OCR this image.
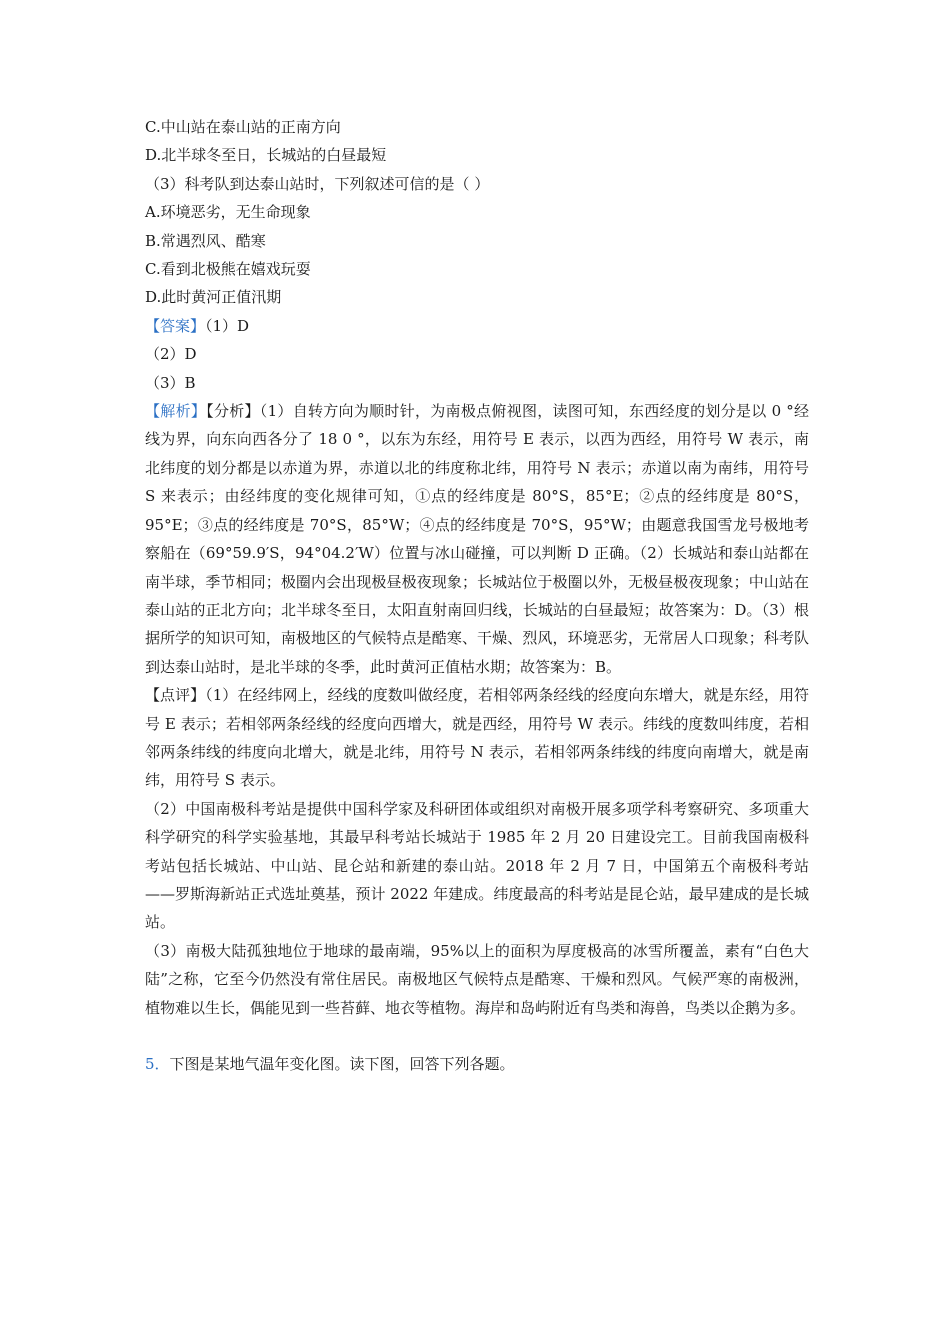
C.中山站在泰山站的正南方向
D.北半球冬至日，长城站的白昼最短
（3）科考队到达泰山站时，下列叙述可信的是（ ）
A.环境恶劣，无生命现象
B.常遇烈风、酷寒
C.看到北极熊在嬉戏玩耍
D.此时黄河正值汛期
【答案】（1）D
（2）D
（3）B
【解析】【分析】（1）自转方向为顺时针，为南极点俯视图，读图可知，东西经度的划分是以 0 °经线为界，向东向西各分了 18 0 °，以东为东经，用符号 E 表示，以西为西经，用符号 W 表示，南北纬度的划分都是以赤道为界，赤道以北的纬度称北纬，用符号 N 表示；赤道以南为南纬，用符号 S 来表示；由经纬度的变化规律可知，①点的经纬度是 80°S，85°E；②点的经纬度是 80°S，95°E；③点的经纬度是 70°S，85°W；④点的经纬度是 70°S，95°W；由题意我国雪龙号极地考察船在（69°59.9′S，94°04.2′W）位置与冰山碰撞，可以判断 D 正确。（2）长城站和泰山站都在南半球，季节相同；极圈内会出现极昼极夜现象；长城站位于极圈以外，无极昼极夜现象；中山站在泰山站的正北方向；北半球冬至日，太阳直射南回归线，长城站的白昼最短；故答案为：D。（3）根据所学的知识可知，南极地区的气候特点是酷寒、干燥、烈风，环境恶劣，无常居人口现象；科考队到达泰山站时，是北半球的冬季，此时黄河正值枯水期；故答案为：B。
【点评】（1）在经纬网上，经线的度数叫做经度，若相邻两条经线的经度向东增大，就是东经，用符号 E 表示；若相邻两条经线的经度向西增大，就是西经，用符号 W 表示。纬线的度数叫纬度，若相邻两条纬线的纬度向北增大，就是北纬，用符号 N 表示，若相邻两条纬线的纬度向南增大，就是南纬，用符号 S 表示。
（2）中国南极科考站是提供中国科学家及科研团体或组织对南极开展多项学科考察研究、多项重大科学研究的科学实验基地，其最早科考站长城站于 1985 年 2 月 20 日建设完工。目前我国南极科考站包括长城站、中山站、昆仑站和新建的泰山站。2018 年 2 月 7 日，中国第五个南极科考站——罗斯海新站正式选址奠基，预计 2022 年建成。纬度最高的科考站是昆仑站，最早建成的是长城站。
（3）南极大陆孤独地位于地球的最南端，95%以上的面积为厚度极高的冰雪所覆盖，素有“白色大陆”之称，它至今仍然没有常住居民。南极地区气候特点是酷寒、干燥和烈风。气候严寒的南极洲，植物难以生长，偶能见到一些苔藓、地衣等植物。海岸和岛屿附近有鸟类和海兽，鸟类以企鹅为多。
5．下图是某地气温年变化图。读下图，回答下列各题。
